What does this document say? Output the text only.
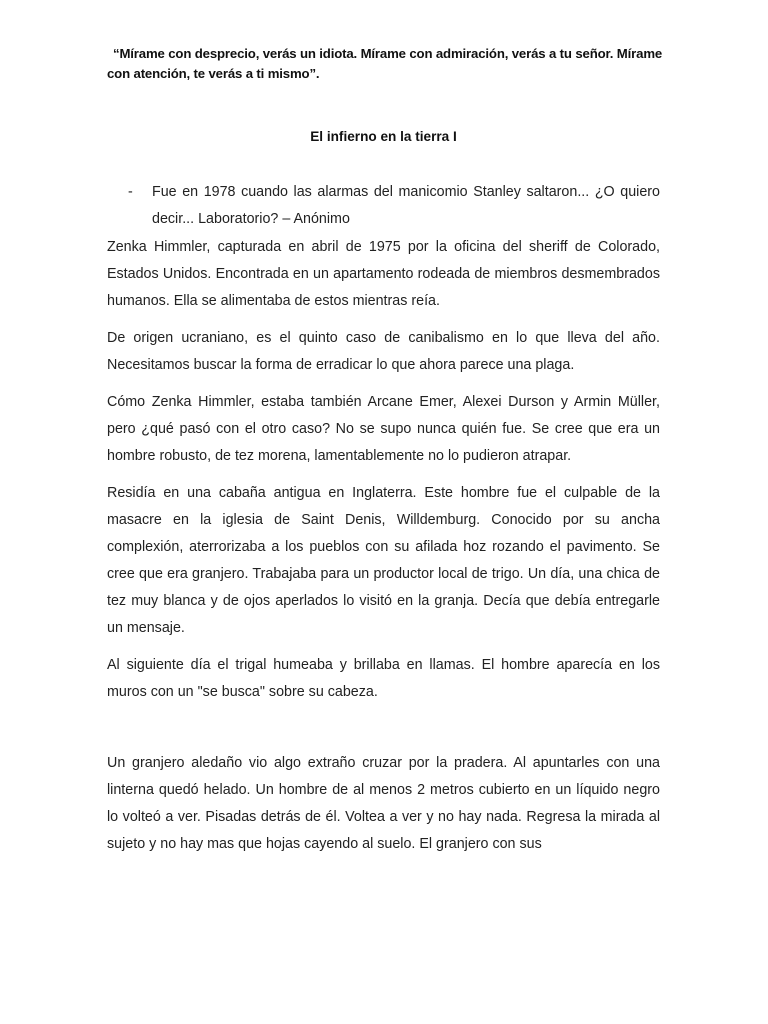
“Mírame con desprecio, verás un idiota. Mírame con admiración, verás a tu señor. Mírame con atención, te verás a ti mismo”.
El infierno en la tierra I
- Fue en 1978 cuando las alarmas del manicomio Stanley saltaron... ¿O quiero decir... Laboratorio? – Anónimo

Zenka Himmler, capturada en abril de 1975 por la oficina del sheriff de Colorado, Estados Unidos. Encontrada en un apartamento rodeada de miembros desmembrados humanos. Ella se alimentaba de estos mientras reía.

De origen ucraniano, es el quinto caso de canibalismo en lo que lleva del año. Necesitamos buscar la forma de erradicar lo que ahora parece una plaga.

Cómo Zenka Himmler, estaba también Arcane Emer, Alexei Durson y Armin Müller, pero ¿qué pasó con el otro caso? No se supo nunca quién fue. Se cree que era un hombre robusto, de tez morena, lamentablemente no lo pudieron atrapar.

Residía en una cabaña antigua en Inglaterra. Este hombre fue el culpable de la masacre en la iglesia de Saint Denis, Willdemburg. Conocido por su ancha complexión, aterrorizaba a los pueblos con su afilada hoz rozando el pavimento. Se cree que era granjero. Trabajaba para un productor local de trigo. Un día, una chica de tez muy blanca y de ojos aperlados lo visitó en la granja. Decía que debía entregarle un mensaje.

Al siguiente día el trigal humeaba y brillaba en llamas. El hombre aparecía en los muros con un "se busca" sobre su cabeza.

Un granjero aledaño vio algo extraño cruzar por la pradera. Al apuntarles con una linterna quedó helado. Un hombre de al menos 2 metros cubierto en un líquido negro lo volteó a ver. Pisadas detrás de él. Voltea a ver y no hay nada. Regresa la mirada al sujeto y no hay mas que hojas cayendo al suelo. El granjero con sus
